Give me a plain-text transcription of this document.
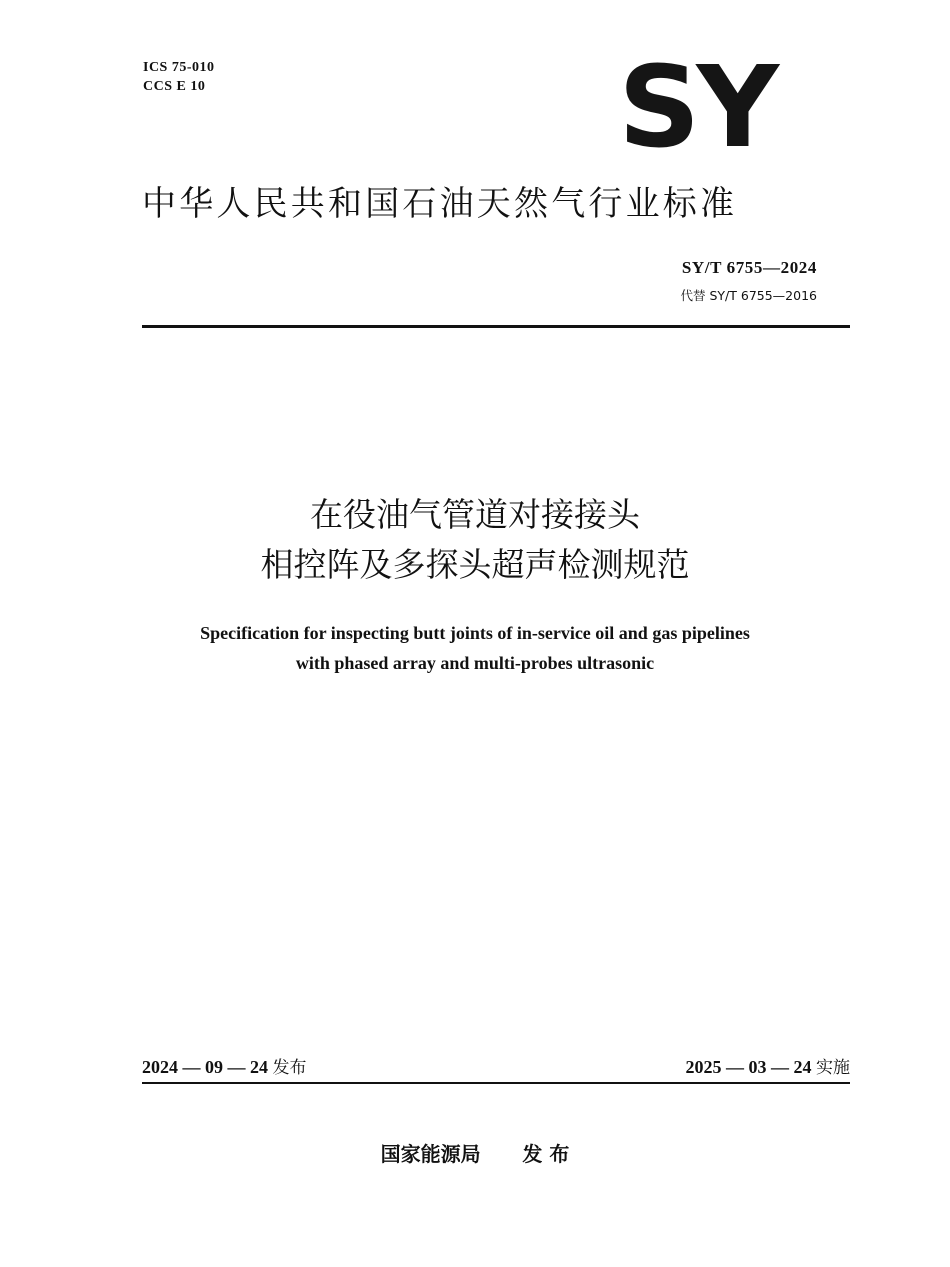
ICS 75-010
CCS E 10	SY
中华人民共和国石油天然气行业标准
SY/T 6755—2024
代替 SY/T 6755—2016
在役油气管道对接接头
相控阵及多探头超声检测规范
Specification for inspecting butt joints of in-service oil and gas pipelines
with phased array and multi-probes ultrasonic
2024 — 09 — 24 发布	2025 — 03 — 24 实施
国家能源局 发 布
